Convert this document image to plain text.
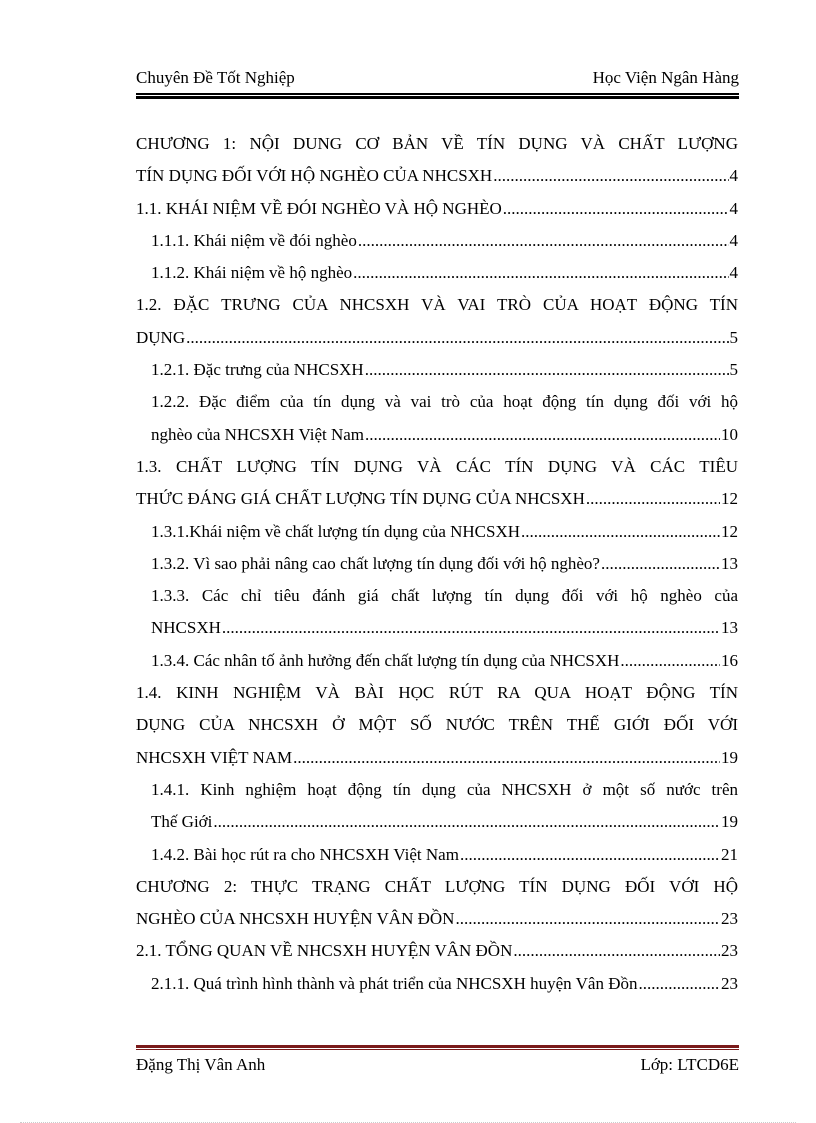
Chuyên Đề Tốt Nghiệp	Học Viện Ngân Hàng
CHƯƠNG 1: NỘI DUNG CƠ BẢN VỀ TÍN DỤNG VÀ CHẤT LƯỢNG
TÍN DỤNG ĐỐI VỚI HỘ NGHÈO CỦA NHCSXH .....	4
1.1. KHÁI NIỆM VỀ ĐÓI NGHÈO VÀ HỘ NGHÈO .....	4
1.1.1. Khái niệm về đói nghèo .....	4
1.1.2. Khái niệm về hộ nghèo .....	4
1.2. ĐẶC TRƯNG CỦA NHCSXH VÀ VAI TRÒ CỦA HOẠT ĐỘNG TÍN
DỤNG .....	5
1.2.1. Đặc trưng của NHCSXH .....	5
1.2.2. Đặc điểm của tín dụng và vai trò của hoạt động tín dụng đối với hộ
nghèo của NHCSXH Việt Nam .....	10
1.3. CHẤT LƯỢNG TÍN DỤNG VÀ CÁC TÍN DỤNG VÀ CÁC TIÊU
THỨC ĐÁNG GIÁ CHẤT LƯỢNG TÍN DỤNG CỦA NHCSXH .....	12
1.3.1.Khái niệm về chất lượng tín dụng của NHCSXH .....	12
1.3.2. Vì sao phải nâng cao chất lượng tín dụng đối với hộ nghèo? .....	13
1.3.3. Các chỉ tiêu đánh giá chất lượng tín dụng đối với hộ nghèo của
NHCSXH .....	13
1.3.4. Các nhân tố ảnh hưởng đến chất lượng tín dụng của NHCSXH .....	16
1.4. KINH NGHIỆM VÀ BÀI HỌC RÚT RA QUA HOẠT ĐỘNG TÍN
DỤNG CỦA NHCSXH Ở MỘT SỐ NƯỚC TRÊN THẾ GIỚI ĐỐI VỚI
NHCSXH VIỆT NAM .....	19
1.4.1. Kinh nghiệm hoạt động tín dụng của NHCSXH ở một số nước trên
Thế Giới .....	19
1.4.2. Bài học rút ra cho NHCSXH Việt Nam .....	21
CHƯƠNG 2: THỰC TRẠNG CHẤT LƯỢNG TÍN DỤNG ĐỐI VỚI HỘ
NGHÈO CỦA NHCSXH HUYỆN VÂN ĐỒN .....	23
2.1. TỔNG QUAN VỀ NHCSXH HUYỆN VÂN ĐỒN .....	23
2.1.1. Quá trình hình thành và phát triển của NHCSXH huyện Vân Đồn .....	23
Đặng Thị Vân Anh	Lớp: LTCD6E
